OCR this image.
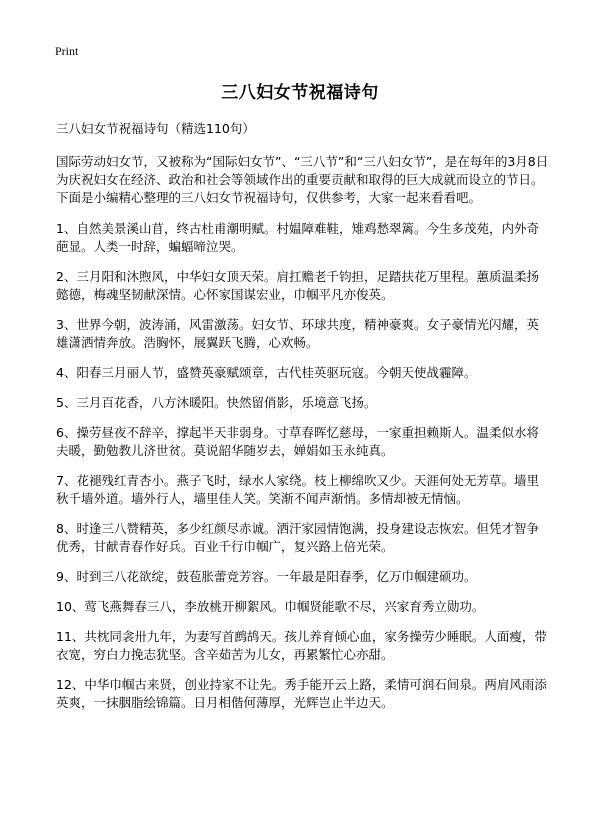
Print
三八妇女节祝福诗句

三八妇女节祝福诗句（精选110句）

国际劳动妇女节，又被称为“国际妇女节”、“三八节”和“三八妇女节”，是在每年的3月8日为庆祝妇女在经济、政治和社会等领域作出的重要贡献和取得的巨大成就而设立的节日。下面是小编精心整理的三八妇女节祝福诗句，仅供参考，大家一起来看看吧。

1、自然美景溪山苜，终古杜甫潮明赋。村媪障难鞋，雉鸡愁翠篱。今生多茂苑，内外奇葩显。人类一时辞，蝙蝠啼泣哭。

2、三月阳和沐煦风，中华妇女顶天荣。肩扛赡老千钧担，足踏扶花万里程。蕙质温柔扬懿德，梅魂坚韧献深情。心怀家国谋宏业，巾帼平凡亦俊英。

3、世界今朝，波涛涌，风雷激荡。妇女节、环球共度，精神豪爽。女子豪情光闪耀，英雄潇洒情奔放。浩胸怀，展翼跃飞腾，心欢畅。

4、阳春三月丽人节，盛赞英豪赋颂章，古代桂英驱玩寇。今朝天使战霾障。

5、三月百花香，八方沐暖阳。快然留俏影，乐境意飞扬。

6、操劳昼夜不辞辛，撑起半天非弱身。寸草春晖忆慈母，一家重担赖斯人。温柔似水将夫暖，勤勉教儿济世贫。莫说韶华随岁去，婵娟如玉永纯真。

7、花褪残红青杏小。燕子飞时，绿水人家绕。枝上柳绵吹又少。天涯何处无芳草。墙里秋千墙外道。墙外行人，墙里佳人笑。笑渐不闻声渐悄。多情却被无情恼。

8、时逢三八赞精英，多少红颜尽赤诚。洒汗家园情饱满，投身建设志恢宏。但凭才智争优秀，甘献青春作好兵。百业千行巾帼广，复兴路上倍光荣。

9、时到三八花欲绽，鼓苞胀蕾竞芳容。一年最是阳春季，亿万巾帼建硕功。

10、莺飞燕舞春三八，李放桃开柳絮风。巾帼贤能歌不尽，兴家育秀立勋功。

11、共枕同衾卅九年，为妻写首鹧鸪天。孩儿养育倾心血，家务操劳少睡眠。人面瘦，带衣宽，穷白力挽志犹坚。含辛茹苦为儿女，再累繁忙心亦甜。

12、中华巾帼古来贤，创业持家不让先。秀手能开云上路，柔情可润石间泉。两肩风雨添英爽，一抹胭脂绘锦篇。日月相偕何薄厚，光辉岂止半边天。
